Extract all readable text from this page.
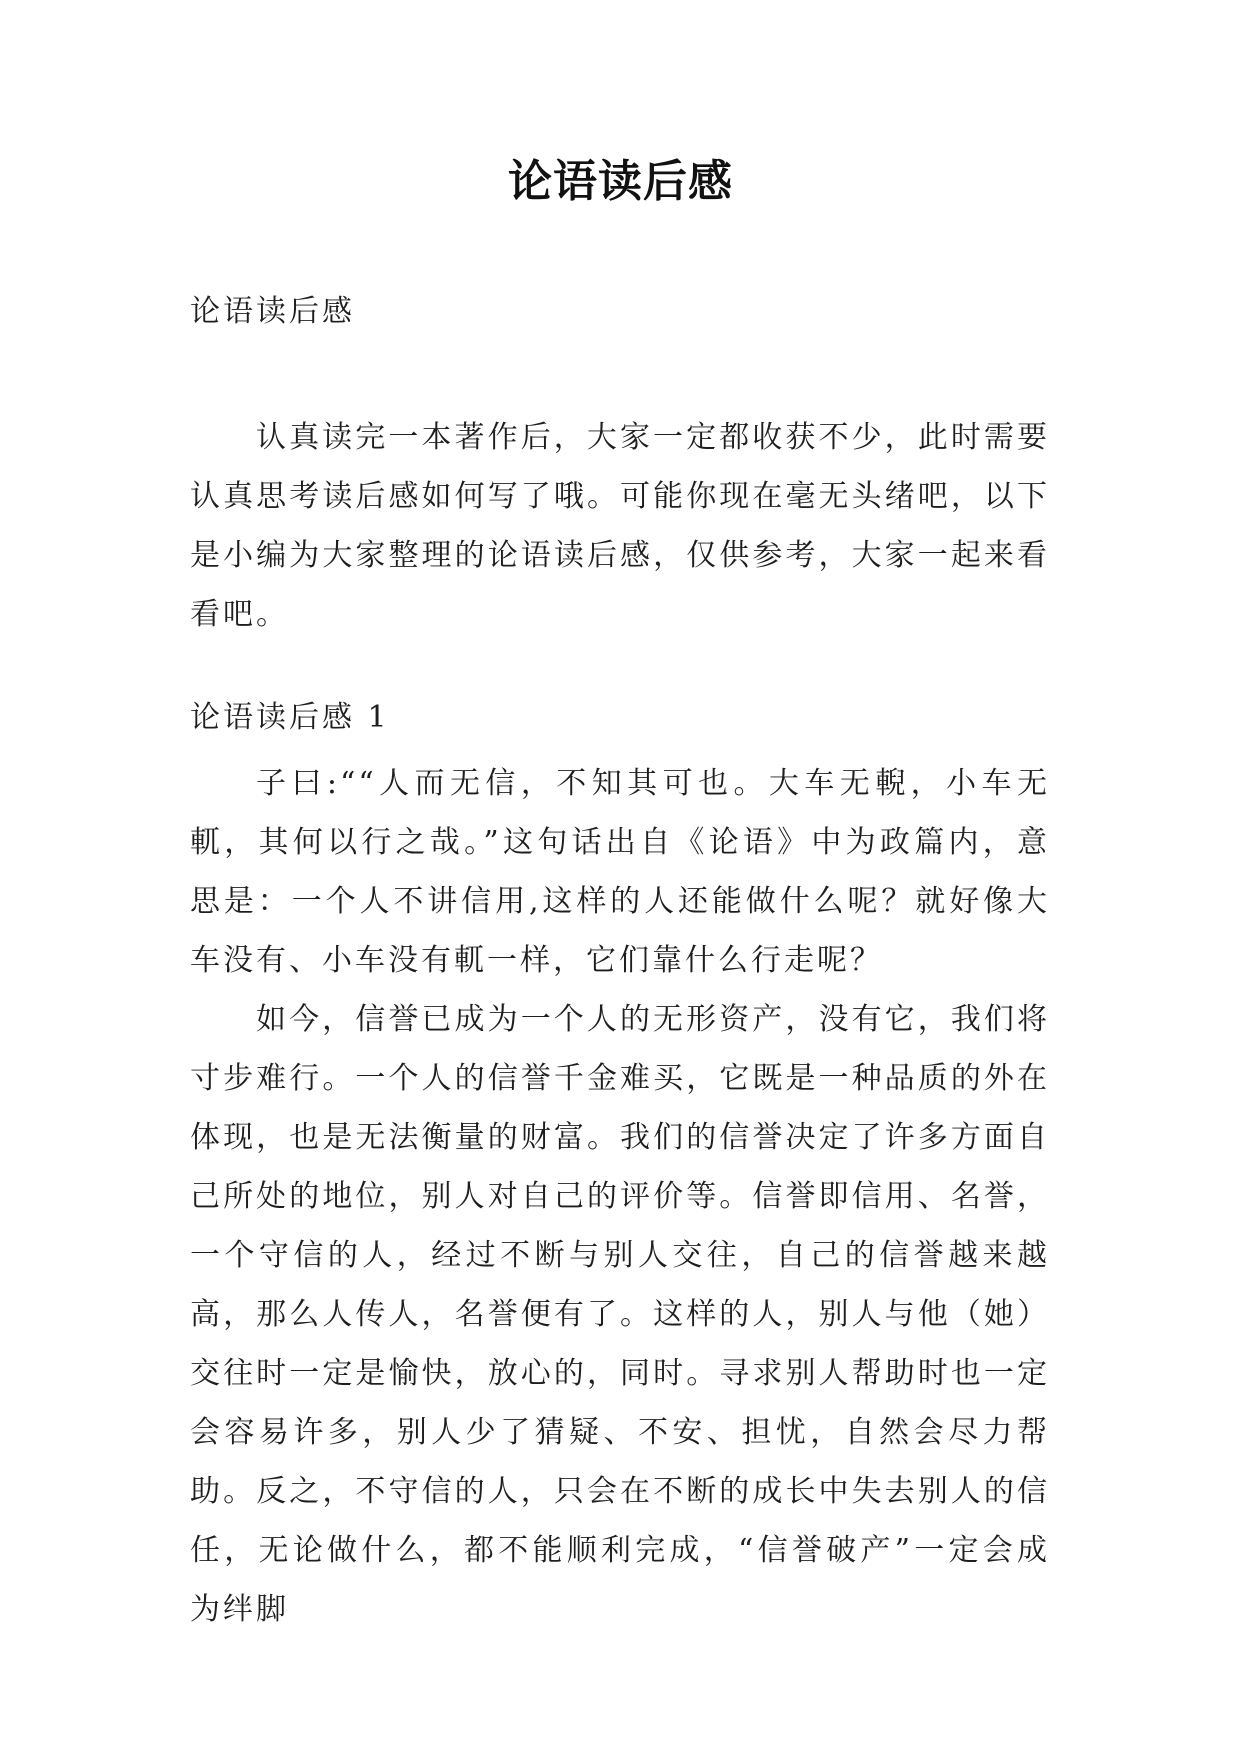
论语读后感
论语读后感
认真读完一本著作后，大家一定都收获不少，此时需要认真思考读后感如何写了哦。可能你现在毫无头绪吧，以下是小编为大家整理的论语读后感，仅供参考，大家一起来看看吧。
论语读后感 1
子曰:““人而无信，不知其可也。大车无輗，小车无軏，其何以行之哉。”这句话出自《论语》中为政篇内，意思是：一个人不讲信用,这样的人还能做什么呢？就好像大车没有、小车没有軏一样，它们靠什么行走呢？
如今，信誉已成为一个人的无形资产，没有它，我们将寸步难行。一个人的信誉千金难买，它既是一种品质的外在体现，也是无法衡量的财富。我们的信誉决定了许多方面自己所处的地位，别人对自己的评价等。信誉即信用、名誉，一个守信的人，经过不断与别人交往，自己的信誉越来越高，那么人传人，名誉便有了。这样的人，别人与他（她）交往时一定是愉快，放心的，同时。寻求别人帮助时也一定会容易许多，别人少了猜疑、不安、担忧，自然会尽力帮助。反之，不守信的人，只会在不断的成长中失去别人的信任，无论做什么，都不能顺利完成，“信誉破产”一定会成为绊脚
